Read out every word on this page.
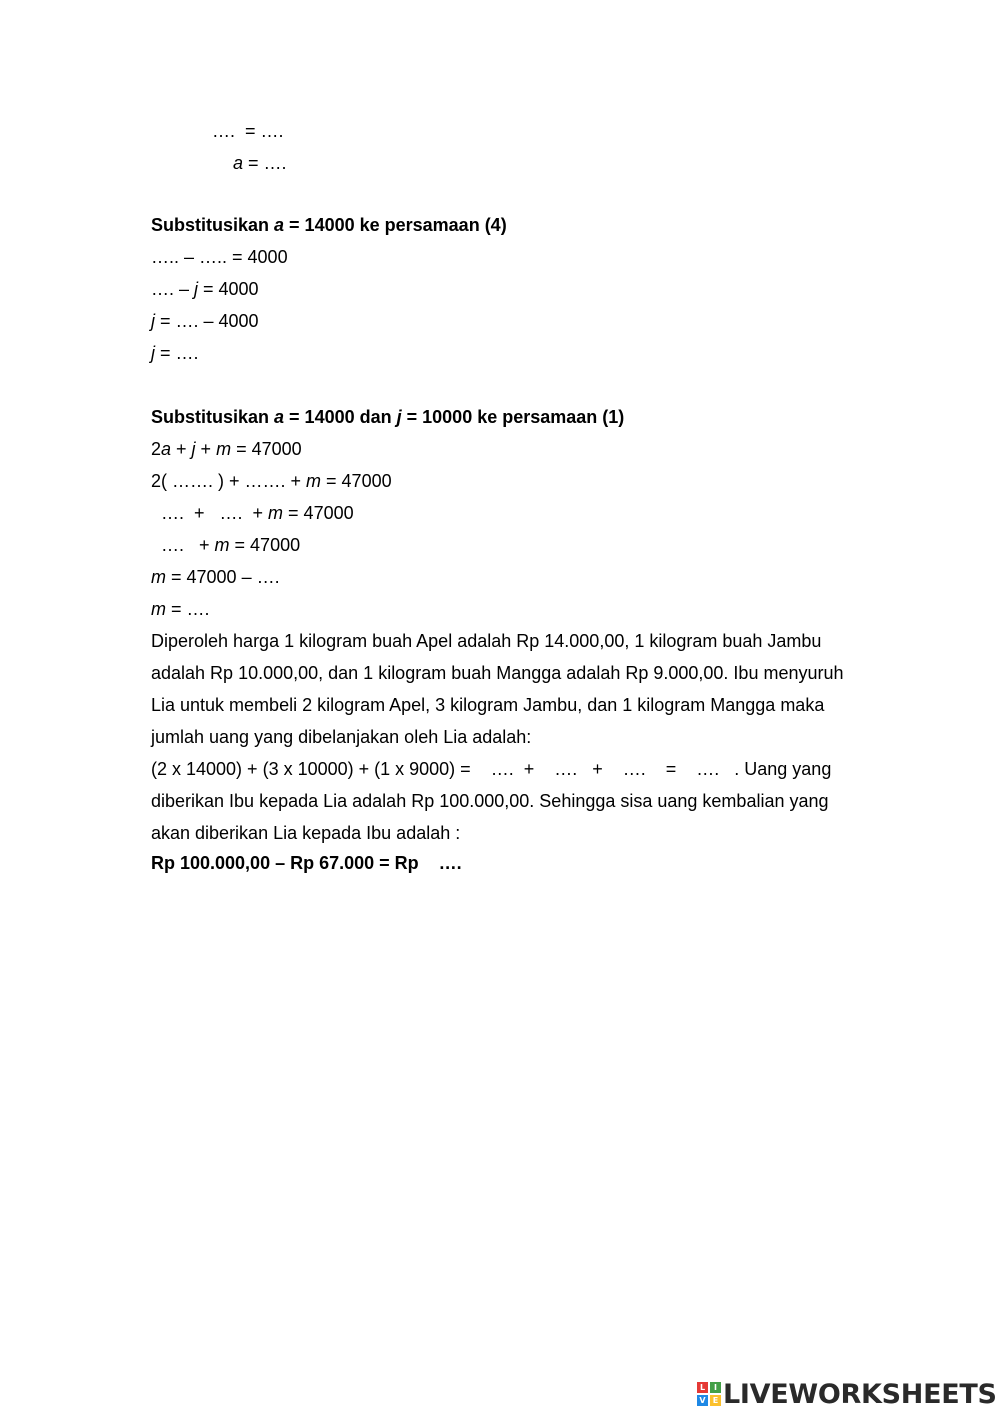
….  = ….
a = ….
Substitusikan a = 14000 ke persamaan (4)
….. – ….. = 4000
…. – j = 4000
j = …. – 4000
j = ….
Substitusikan a = 14000 dan j = 10000 ke persamaan (1)
2a + j + m = 47000
2( ……. ) + ……. + m = 47000
….  +   ….  + m = 47000
….   + m = 47000
m = 47000 – ….
m = ….
Diperoleh harga 1 kilogram buah Apel adalah Rp 14.000,00, 1 kilogram buah Jambu
adalah Rp 10.000,00, dan 1 kilogram buah Mangga adalah Rp 9.000,00. Ibu menyuruh
Lia untuk membeli 2 kilogram Apel, 3 kilogram Jambu, dan 1 kilogram Mangga maka
jumlah uang yang dibelanjakan oleh Lia adalah:
(2 x 14000) + (3 x 10000) + (1 x 9000) =    ….  +    ….   +    ….    =    ….   . Uang yang
diberikan Ibu kepada Lia adalah Rp 100.000,00. Sehingga sisa uang kembalian yang
akan diberikan Lia kepada Ibu adalah :
Rp 100.000,00 – Rp 67.000 = Rp    ….
L	I
V E LIVEWORKSHEETS
